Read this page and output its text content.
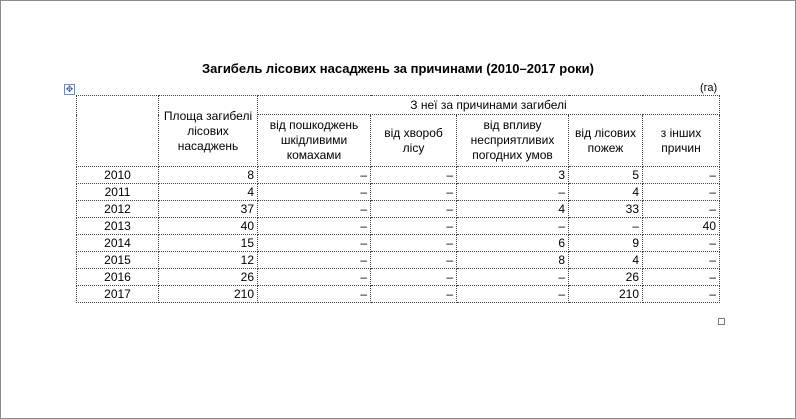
Загибель лісових насаджень за причинами (2010–2017 роки)
(га)
✥
	Площа загибелі лісових насаджень	З неї за причинами загибелі				
		від пошкоджень шкідливими комахами	від хвороб лісу	від впливу несприятливих погодних умов	від лісових пожеж	з інших причин
2010	8	–	–	3	5	–
2011	4	–	–	–	4	–
2012	37	–	–	4	33	–
2013	40	–	–	–	–	40
2014	15	–	–	6	9	–
2015	12	–	–	8	4	–
2016	26	–	–	–	26	–
2017	210	–	–	–	210	–
